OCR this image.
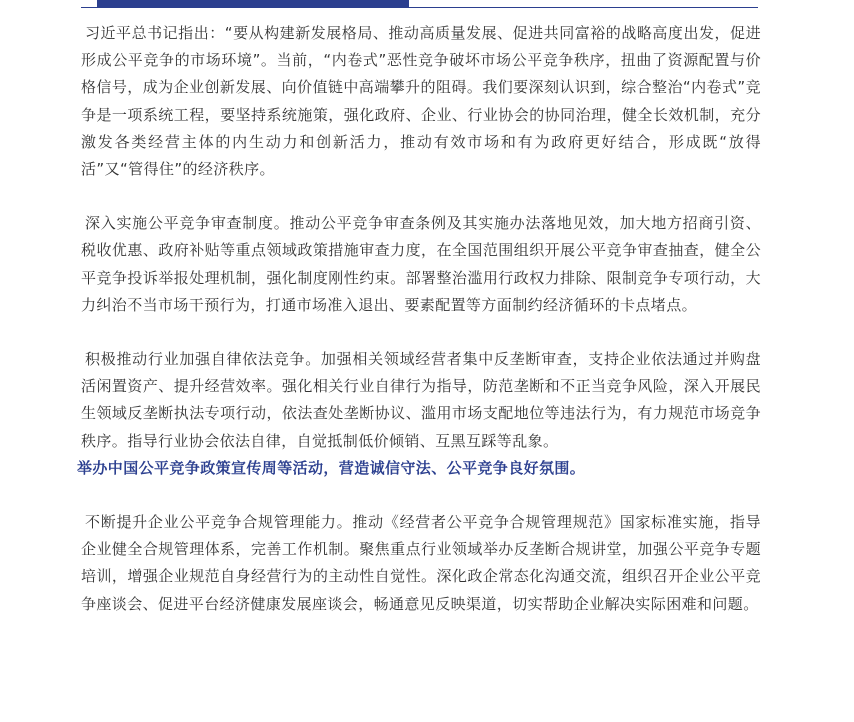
习近平总书记指出：“要从构建新发展格局、推动高质量发展、促进共同富裕的战略高度出发，促进形成公平竞争的市场环境”。当前，“内卷式”恶性竞争破坏市场公平竞争秩序，扭曲了资源配置与价格信号，成为企业创新发展、向价值链中高端攀升的阻碍。我们要深刻认识到，综合整治“内卷式”竞争是一项系统工程，要坚持系统施策，强化政府、企业、行业协会的协同治理，健全长效机制，充分激发各类经营主体的内生动力和创新活力，推动有效市场和有为政府更好结合，形成既“放得活”又“管得住”的经济秩序。

深入实施公平竞争审查制度。推动公平竞争审查条例及其实施办法落地见效，加大地方招商引资、税收优惠、政府补贴等重点领域政策措施审查力度，在全国范围组织开展公平竞争审查抽查，健全公平竞争投诉举报处理机制，强化制度刚性约束。部署整治滥用行政权力排除、限制竞争专项行动，大力纠治不当市场干预行为，打通市场准入退出、要素配置等方面制约经济循环的卡点堵点。

积极推动行业加强自律依法竞争。加强相关领域经营者集中反垄断审查，支持企业依法通过并购盘活闲置资产、提升经营效率。强化相关行业自律行为指导，防范垄断和不正当竞争风险，深入开展民生领域反垄断执法专项行动，依法查处垄断协议、滥用市场支配地位等违法行为，有力规范市场竞争秩序。指导行业协会依法自律，自觉抵制低价倾销、互黑互踩等乱象。
举办中国公平竞争政策宣传周等活动，营造诚信守法、公平竞争良好氛围。

不断提升企业公平竞争合规管理能力。推动《经营者公平竞争合规管理规范》国家标准实施，指导企业健全合规管理体系，完善工作机制。聚焦重点行业领域举办反垄断合规讲堂，加强公平竞争专题培训，增强企业规范自身经营行为的主动性自觉性。深化政企常态化沟通交流，组织召开企业公平竞争座谈会、促进平台经济健康发展座谈会，畅通意见反映渠道，切实帮助企业解决实际困难和问题。
